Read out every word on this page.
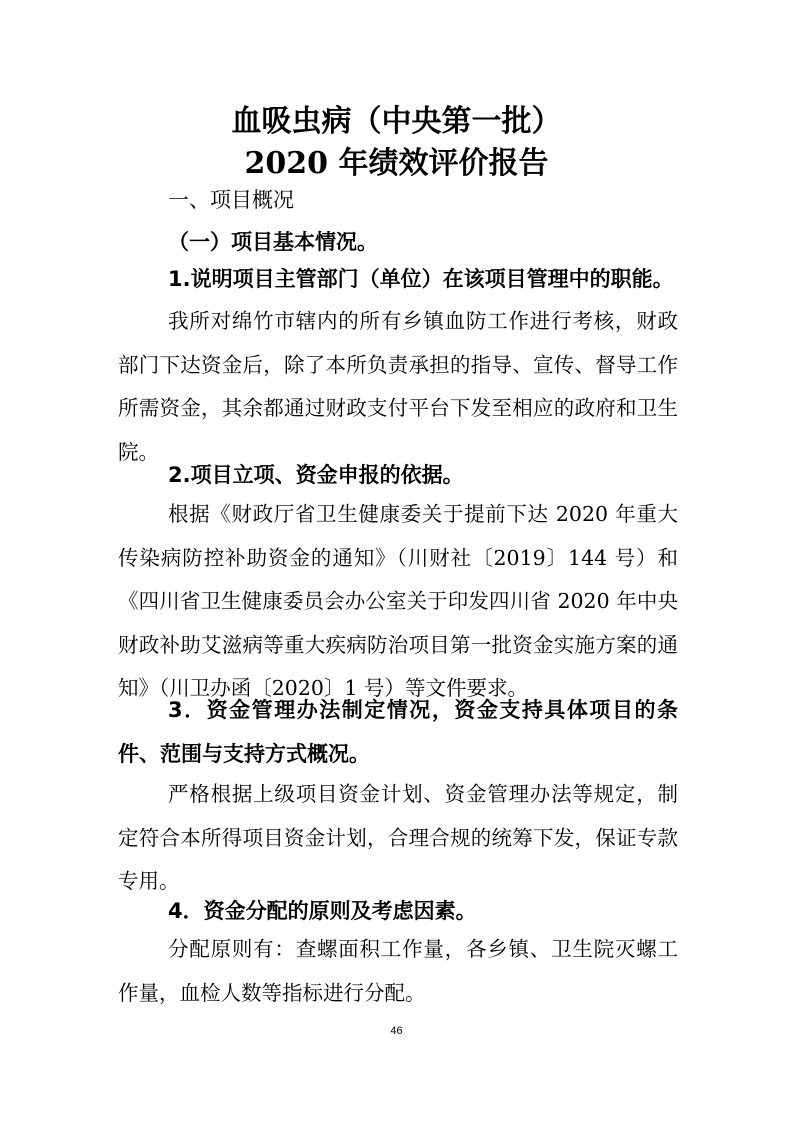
血吸虫病（中央第一批）
2020 年绩效评价报告
一、项目概况
（一）项目基本情况。
1.说明项目主管部门（单位）在该项目管理中的职能。

我所对绵竹市辖内的所有乡镇血防工作进行考核，财政部门下达资金后，除了本所负责承担的指导、宣传、督导工作所需资金，其余都通过财政支付平台下发至相应的政府和卫生院。

2.项目立项、资金申报的依据。

根据《财政厅省卫生健康委关于提前下达 2020 年重大传染病防控补助资金的通知》（川财社〔2019〕144 号）和《四川省卫生健康委员会办公室关于印发四川省 2020 年中央财政补助艾滋病等重大疾病防治项目第一批资金实施方案的通知》（川卫办函〔2020〕1 号）等文件要求。

3．资金管理办法制定情况，资金支持具体项目的条件、范围与支持方式概况。

严格根据上级项目资金计划、资金管理办法等规定，制定符合本所得项目资金计划，合理合规的统筹下发，保证专款专用。

4．资金分配的原则及考虑因素。

分配原则有：查螺面积工作量，各乡镇、卫生院灭螺工作量，血检人数等指标进行分配。

46
